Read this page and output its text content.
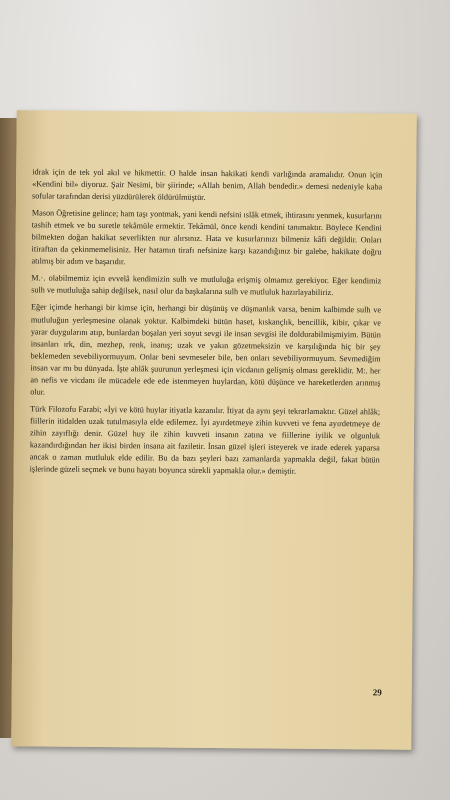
idrak için de tek yol akıl ve hikmettir. O halde insan hakikati kendi varlığında aramalıdır. Onun için «Kendini bil» diyoruz. Şair Nesimi, bir şiirinde; «Allah benim, Allah bendedir.» demesi nedeniyle kaba sofular tarafından derisi yüzdürülerek öldürülmüştür.

Mason Öğretisine gelince; ham taşı yontmak, yani kendi nefsini ıslâk etmek, ihtirasını yenmek, kusurlarını tashih etmek ve bu suretle tekâmüle ermektir. Tekâmül, önce kendi kendini tanımaktır. Böylece Kendini bilmekten doğan hakikat severlikten nur alırsınız. Hata ve kusurlarınızı bilmeniz kâfi değildir. Onları itiraftan da çekinmemelisiniz. Her hatamın tirafı nefsinize karşı kazandığınız bir galebe, hakikate doğru atılmış bir adım ve başarıdır.

M.·. olabilmemiz için evvelâ kendimizin sulh ve mutluluğa erişmiş olmamız gerekiyor. Eğer kendimiz sulh ve mutluluğa sahip değilsek, nasıl olur da başkalarına sulh ve mutluluk hazırlayabiliriz.

Eğer içimde herhangi bir kimse için, herhangi bir düşünüş ve düşmanlık varsa, benim kalbimde sulh ve mutluluğun yerleşmesine olanak yoktur. Kalbimdeki bütün haset, kıskançlık, bencillik, kibir, çıkar ve yarar duygularını atıp, bunlardan boşalan yeri soyut sevgi ile insan sevgisi ile doldurabilmişmiyim. Bütün insanları ırk, din, mezhep, renk, inanış; uzak ve yakın gözetmeksizin ve karşılığında hiç bir şey beklemeden sevebiliyormuyum. Onlar beni sevmeseler bile, ben onları sevebiliyormuyum. Sevmediğim insan var mı bu dünyada. İşte ahlâk şuurunun yerleşmesi için vicdanın gelişmiş olması gereklidir. M:. her an nefis ve vicdanı ile mücadele ede ede istenmeyen huylardan, kötü düşünce ve hareketlerden arınmış olur.

Türk Filozofu Farabi; «İyi ve kötü huylar itiyatla kazanılır. İtiyat da aynı şeyi tekrarlamaktır. Güzel ahlâk; fiillerin itidalden uzak tutulmasıyla elde edilemez. İyi ayırdetmeye zihin kuvveti ve fena ayırdetmeye de zihin zayıflığı denir. Güzel huy ile zihin kuvveti insanın zatına ve fiillerine iyilik ve olgunluk kazandırdığından her ikisi birden insana ait faziletir. İnsan güzel işleri isteyerek ve irade ederek yaparsa ancak o zaman mutluluk elde edilir. Bu da bazı şeyleri bazı zamanlarda yapmakla değil, fakat bütün işlerinde güzeli seçmek ve bunu hayatı boyunca sürekli yapmakla olur.» demiştir.

29
